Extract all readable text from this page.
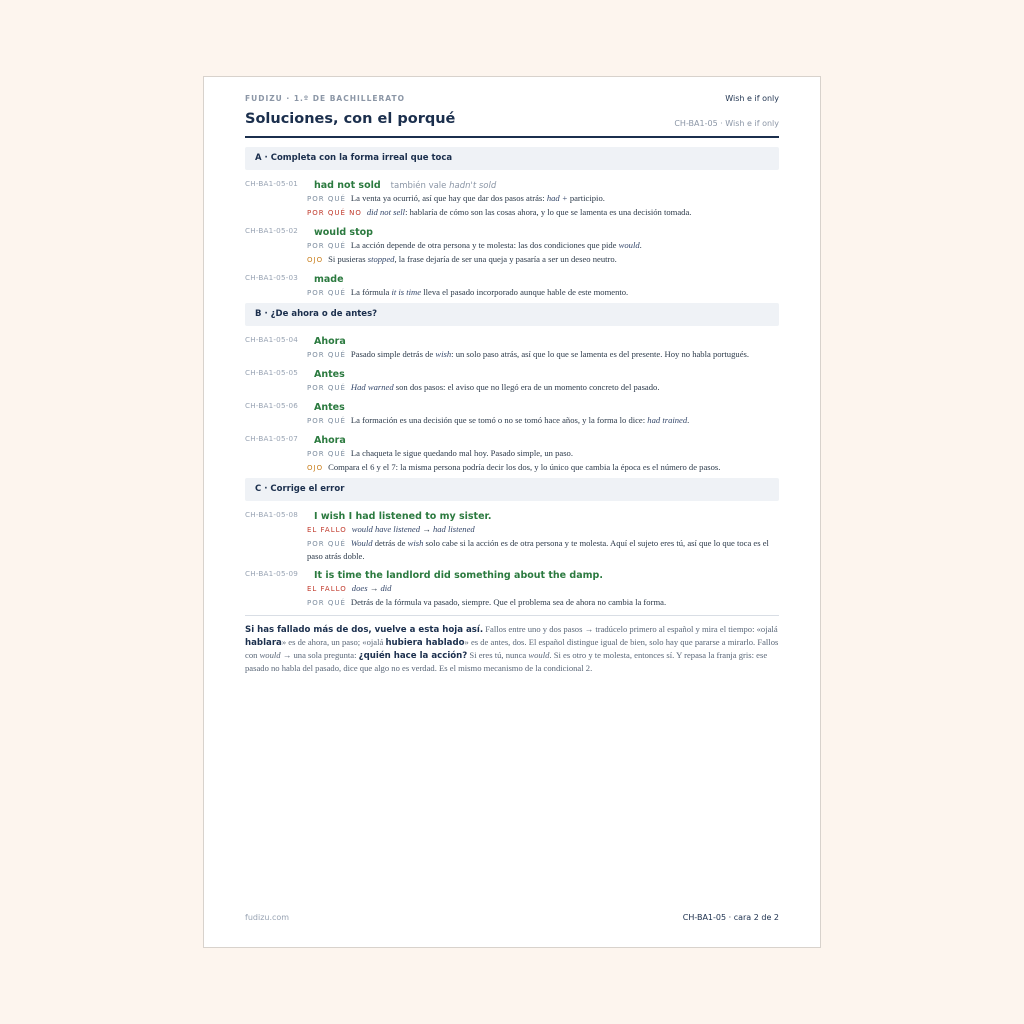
FUDIZU · 1.º DE BACHILLERATO	Wish e if only
Soluciones, con el porqué	CH-BA1-05 · Wish e if only
A · Completa con la forma irreal que toca
CH-BA1-05-01	had not sold también vale hadn't sold
POR QUÉ La venta ya ocurrió, así que hay que dar dos pasos atrás: had + participio.
POR QUÉ NO did not sell: hablaría de cómo son las cosas ahora, y lo que se lamenta es una decisión tomada.
CH-BA1-05-02	would stop
POR QUÉ La acción depende de otra persona y te molesta: las dos condiciones que pide would.
OJO Si pusieras stopped, la frase dejaría de ser una queja y pasaría a ser un deseo neutro.
CH-BA1-05-03	made
POR QUÉ La fórmula it is time lleva el pasado incorporado aunque hable de este momento.
B · ¿De ahora o de antes?
CH-BA1-05-04	Ahora
POR QUÉ Pasado simple detrás de wish: un solo paso atrás, así que lo que se lamenta es del presente. Hoy no habla portugués.
CH-BA1-05-05	Antes
POR QUÉ Had warned son dos pasos: el aviso que no llegó era de un momento concreto del pasado.
CH-BA1-05-06	Antes
POR QUÉ La formación es una decisión que se tomó o no se tomó hace años, y la forma lo dice: had trained.
CH-BA1-05-07	Ahora
POR QUÉ La chaqueta le sigue quedando mal hoy. Pasado simple, un paso.
OJO Compara el 6 y el 7: la misma persona podría decir los dos, y lo único que cambia la época es el número de pasos.
C · Corrige el error
CH-BA1-05-08	I wish I had listened to my sister.
EL FALLO would have listened → had listened
POR QUÉ Would detrás de wish solo cabe si la acción es de otra persona y te molesta. Aquí el sujeto eres tú, así que lo que toca es el paso atrás doble.
CH-BA1-05-09	It is time the landlord did something about the damp.
EL FALLO does → did
POR QUÉ Detrás de la fórmula va pasado, siempre. Que el problema sea de ahora no cambia la forma.
Si has fallado más de dos, vuelve a esta hoja así. Fallos entre uno y dos pasos → tradúcelo primero al español y mira el tiempo: «ojalá hablara» es de ahora, un paso; «ojalá hubiera hablado» es de antes, dos. El español distingue igual de bien, solo hay que pararse a mirarlo. Fallos con would → una sola pregunta: ¿quién hace la acción? Si eres tú, nunca would. Si es otro y te molesta, entonces sí. Y repasa la franja gris: ese pasado no habla del pasado, dice que algo no es verdad. Es el mismo mecanismo de la condicional 2.
fudizu.com	CH-BA1-05 · cara 2 de 2
